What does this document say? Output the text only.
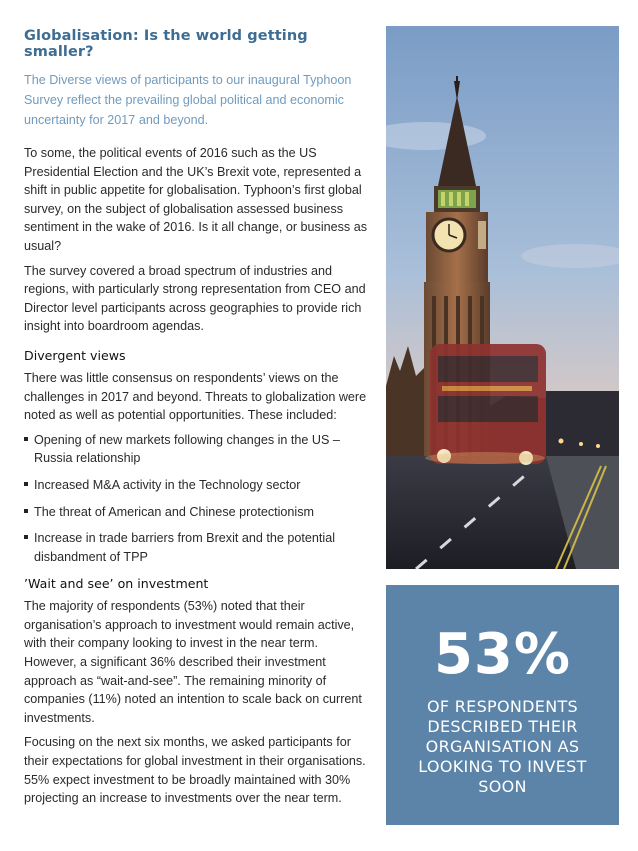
Globalisation: Is the world getting smaller?

The Diverse views of participants to our inaugural Typhoon Survey reflect the prevailing global political and economic uncertainty for 2017 and beyond.

To some, the political events of 2016 such as the US Presidential Election and the UK’s Brexit vote, represented a shift in public appetite for globalisation. Typhoon’s first global survey, on the subject of globalisation assessed business sentiment in the wake of 2016. Is it all change, or business as usual?

The survey covered a broad spectrum of industries and regions, with particularly strong representation from CEO and Director level participants across geographies to provide rich insight into boardroom agendas.

Divergent views

There was little consensus on respondents’ views on the challenges in 2017 and beyond. Threats to globalization were noted as well as potential opportunities. These included:

Opening of new markets following changes in the US – Russia relationship
Increased M&A activity in the Technology sector
The threat of American and Chinese protectionism
Increase in trade barriers from Brexit and the potential disbandment of TPP
’Wait and see’ on investment

The majority of respondents (53%) noted that their organisation’s approach to investment would remain active, with their company looking to invest in the near term. However, a significant 36% described their investment approach as “wait-and-see”. The remaining minority of companies (11%) noted an intention to scale back on current investments.

Focusing on the next six months, we asked participants for their expectations for global investment in their organisations. 55% expect investment to be broadly maintained with 30% projecting an increase to investments over the near term.

53%
OF RESPONDENTS DESCRIBED THEIR ORGANISATION AS LOOKING TO INVEST SOON
